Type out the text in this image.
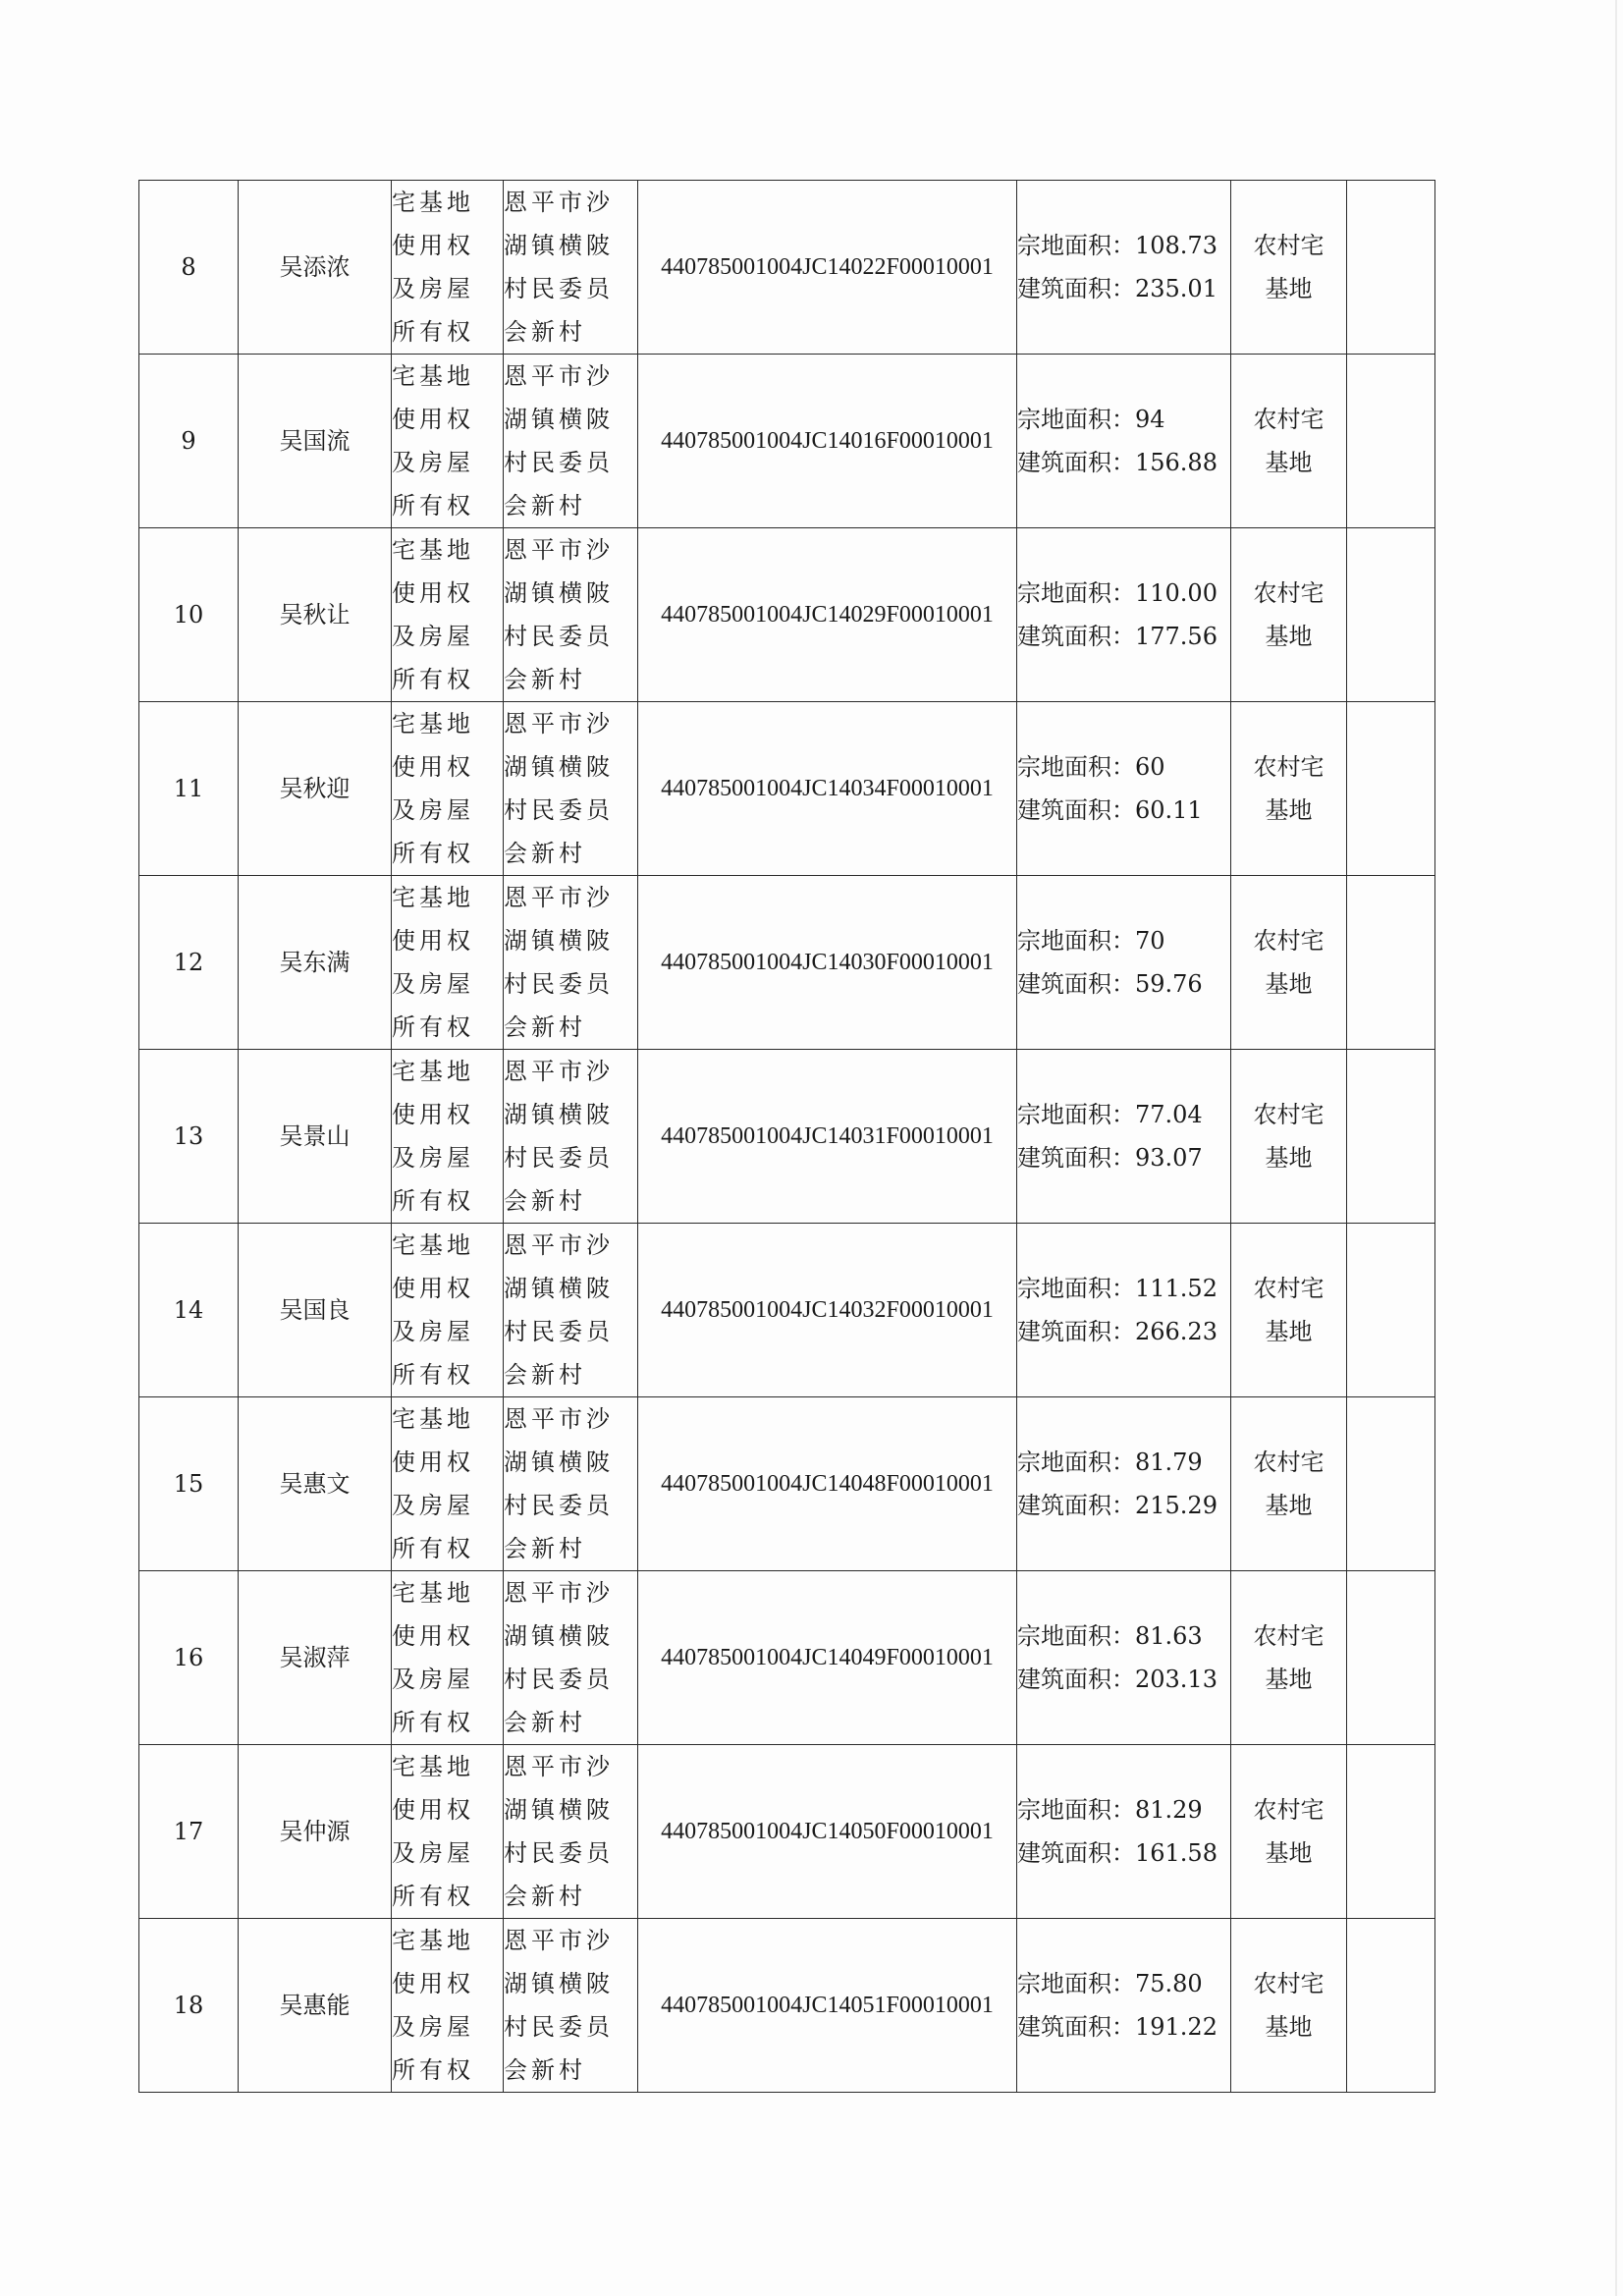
8	吴添浓	宅基地
使用权
及房屋
所有权	恩平市沙
湖镇横陂
村民委员
会新村	440785001004JC14022F00010001	宗地面积：108.73
建筑面积：235.01	农村宅
基地	

9	吴国流	宅基地
使用权
及房屋
所有权	恩平市沙
湖镇横陂
村民委员
会新村	440785001004JC14016F00010001	宗地面积：94
建筑面积：156.88	农村宅
基地	

10	吴秋让	宅基地
使用权
及房屋
所有权	恩平市沙
湖镇横陂
村民委员
会新村	440785001004JC14029F00010001	宗地面积：110.00
建筑面积：177.56	农村宅
基地	

11	吴秋迎	宅基地
使用权
及房屋
所有权	恩平市沙
湖镇横陂
村民委员
会新村	440785001004JC14034F00010001	宗地面积：60
建筑面积：60.11	农村宅
基地	

12	吴东满	宅基地
使用权
及房屋
所有权	恩平市沙
湖镇横陂
村民委员
会新村	440785001004JC14030F00010001	宗地面积：70
建筑面积：59.76	农村宅
基地	

13	吴景山	宅基地
使用权
及房屋
所有权	恩平市沙
湖镇横陂
村民委员
会新村	440785001004JC14031F00010001	宗地面积：77.04
建筑面积：93.07	农村宅
基地	

14	吴国良	宅基地
使用权
及房屋
所有权	恩平市沙
湖镇横陂
村民委员
会新村	440785001004JC14032F00010001	宗地面积：111.52
建筑面积：266.23	农村宅
基地	

15	吴惠文	宅基地
使用权
及房屋
所有权	恩平市沙
湖镇横陂
村民委员
会新村	440785001004JC14048F00010001	宗地面积：81.79
建筑面积：215.29	农村宅
基地	

16	吴淑萍	宅基地
使用权
及房屋
所有权	恩平市沙
湖镇横陂
村民委员
会新村	440785001004JC14049F00010001	宗地面积：81.63
建筑面积：203.13	农村宅
基地	

17	吴仲源	宅基地
使用权
及房屋
所有权	恩平市沙
湖镇横陂
村民委员
会新村	440785001004JC14050F00010001	宗地面积：81.29
建筑面积：161.58	农村宅
基地	

18	吴惠能	宅基地
使用权
及房屋
所有权	恩平市沙
湖镇横陂
村民委员
会新村	440785001004JC14051F00010001	宗地面积：75.80
建筑面积：191.22	农村宅
基地	
